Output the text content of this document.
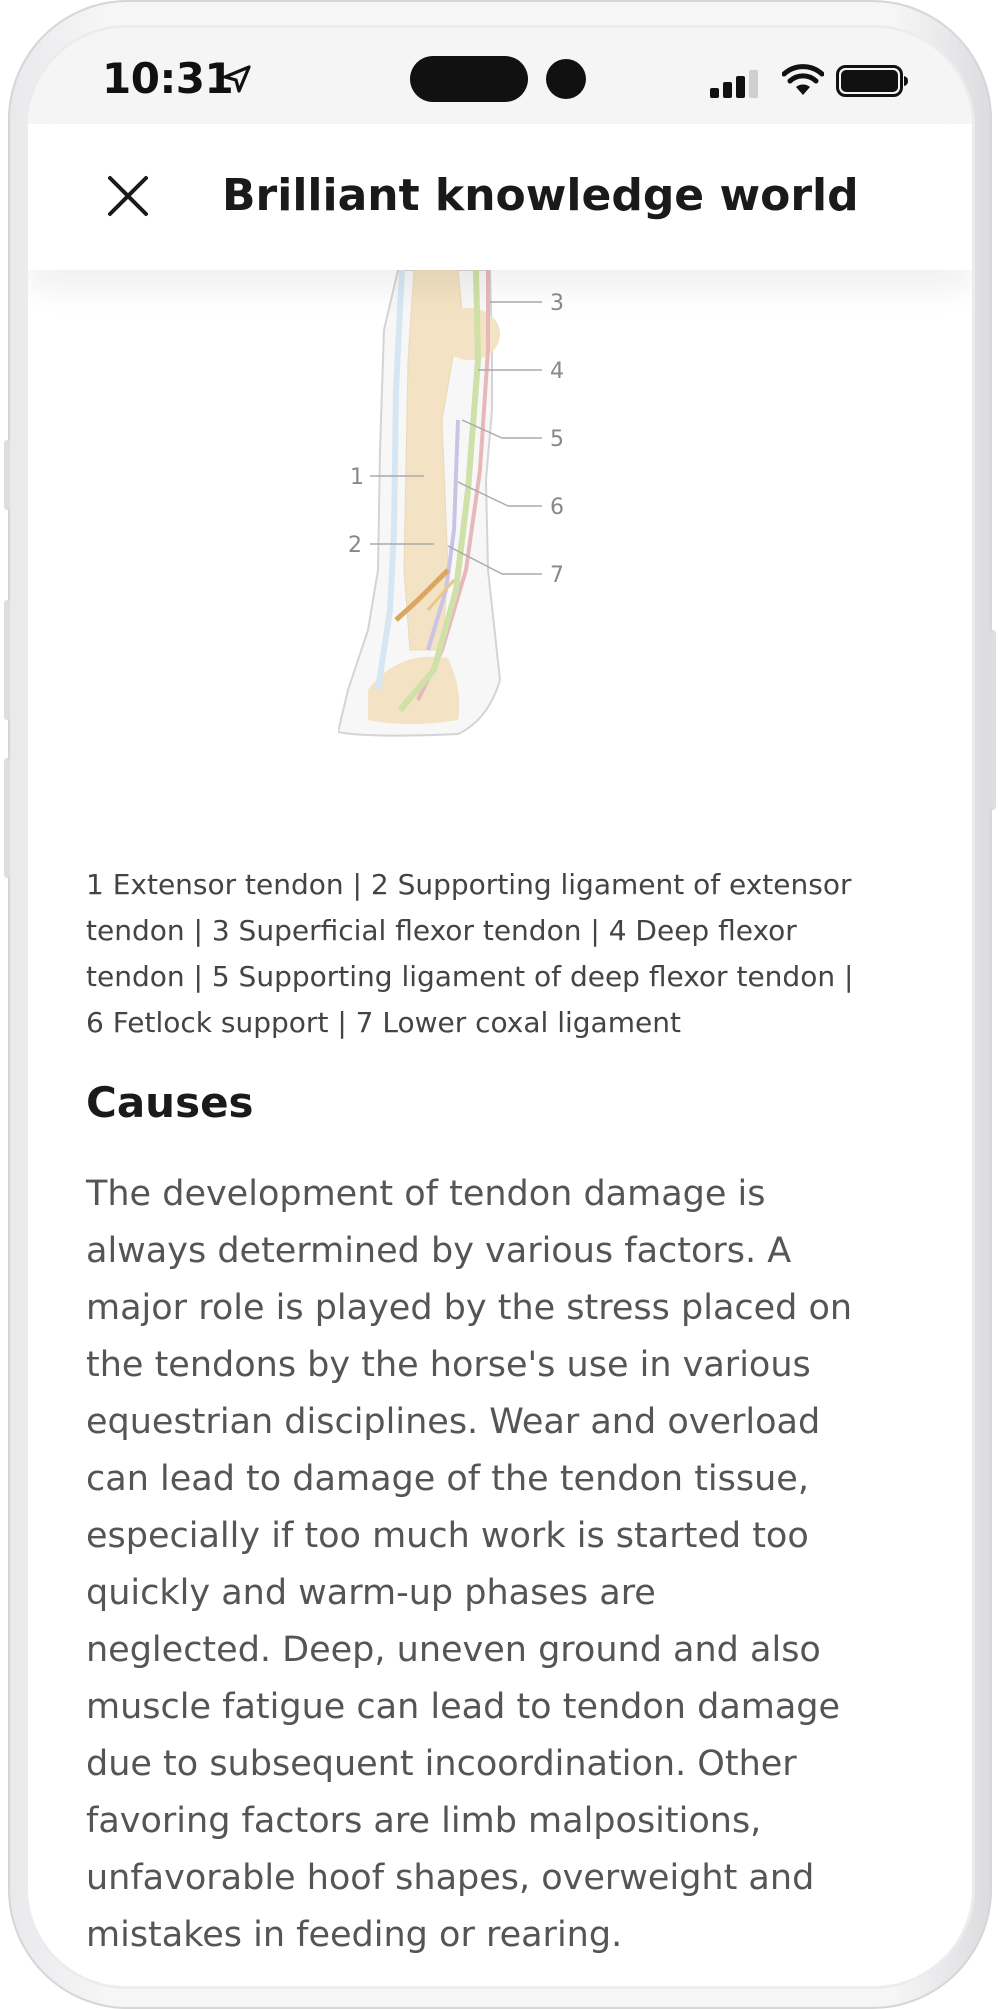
10:31
Brilliant knowledge world
1
2
3
4
5
6
7
1 Extensor tendon | 2 Supporting ligament of extensor
tendon | 3 Superficial flexor tendon | 4 Deep flexor
tendon | 5 Supporting ligament of deep flexor tendon |
6 Fetlock support | 7 Lower coxal ligament
Causes
The development of tendon damage is
always determined by various factors. A
major role is played by the stress placed on
the tendons by the horse's use in various
equestrian disciplines. Wear and overload
can lead to damage of the tendon tissue,
especially if too much work is started too
quickly and warm-up phases are
neglected. Deep, uneven ground and also
muscle fatigue can lead to tendon damage
due to subsequent incoordination. Other
favoring factors are limb malpositions,
unfavorable hoof shapes, overweight and
mistakes in feeding or rearing.
